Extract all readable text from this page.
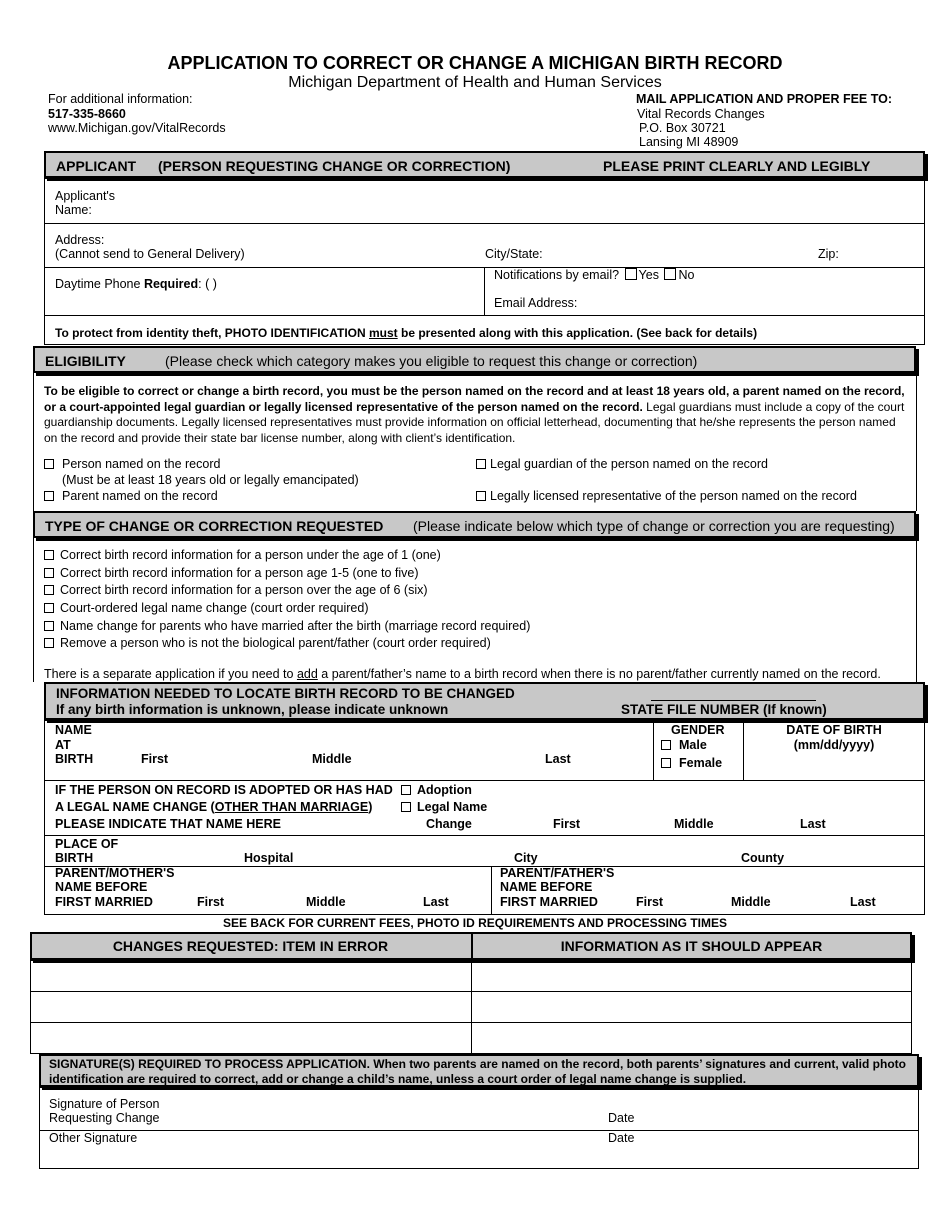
APPLICATION TO CORRECT OR CHANGE A MICHIGAN BIRTH RECORD
Michigan Department of Health and Human Services
For additional information:
517-335-8660
www.Michigan.gov/VitalRecords
MAIL APPLICATION AND PROPER FEE TO:
Vital Records Changes
P.O. Box 30721
Lansing MI 48909
APPLICANT (PERSON REQUESTING CHANGE OR CORRECTION)	PLEASE PRINT CLEARLY AND LEGIBLY
Applicant's
Name:
Address:
(Cannot send to General Delivery)	City/State:	Zip:
Daytime Phone Required: ( )
Notifications by email? Yes No
Email Address:
To protect from identity theft, PHOTO IDENTIFICATION must be presented along with this application. (See back for details)
ELIGIBILITY	(Please check which category makes you eligible to request this change or correction)
To be eligible to correct or change a birth record, you must be the person named on the record and at least 18 years old, a parent named on the record, or a court-appointed legal guardian or legally licensed representative of the person named on the record. Legal guardians must include a copy of the court guardianship documents. Legally licensed representatives must provide information on official letterhead, documenting that he/she represents the person named on the record and provide their state bar license number, along with client’s identification.
Person named on the record
(Must be at least 18 years old or legally emancipated)
Parent named on the record
Legal guardian of the person named on the record
Legally licensed representative of the person named on the record
TYPE OF CHANGE OR CORRECTION REQUESTED (Please indicate below which type of change or correction you are requesting)
Correct birth record information for a person under the age of 1 (one)
Correct birth record information for a person age 1-5 (one to five)
Correct birth record information for a person over the age of 6 (six)
Court-ordered legal name change (court order required)
Name change for parents who have married after the birth (marriage record required)
Remove a person who is not the biological parent/father (court order required)
There is a separate application if you need to add a parent/father’s name to a birth record when there is no parent/father currently named on the record.
INFORMATION NEEDED TO LOCATE BIRTH RECORD TO BE CHANGED
If any birth information is unknown, please indicate unknown	STATE FILE NUMBER (If known)
NAME
AT
BIRTH	First	Middle	Last
GENDER
Male
Female
DATE OF BIRTH
(mm/dd/yyyy)
IF THE PERSON ON RECORD IS ADOPTED OR HAS HAD
A LEGAL NAME CHANGE (OTHER THAN MARRIAGE)
PLEASE INDICATE THAT NAME HERE
Adoption
Legal Name
Change	First	Middle	Last
PLACE OF
BIRTH	Hospital	City	County
PARENT/MOTHER'S
NAME BEFORE
FIRST MARRIED	First	Middle	Last
PARENT/FATHER'S
NAME BEFORE
FIRST MARRIED	First	Middle	Last
SEE BACK FOR CURRENT FEES, PHOTO ID REQUIREMENTS AND PROCESSING TIMES
CHANGES REQUESTED: ITEM IN ERROR	INFORMATION AS IT SHOULD APPEAR
SIGNATURE(S) REQUIRED TO PROCESS APPLICATION. When two parents are named on the record, both parents’ signatures and current, valid photo identification are required to correct, add or change a child’s name, unless a court order of legal name change is supplied.
Signature of Person
Requesting Change	Date
Other Signature	Date
